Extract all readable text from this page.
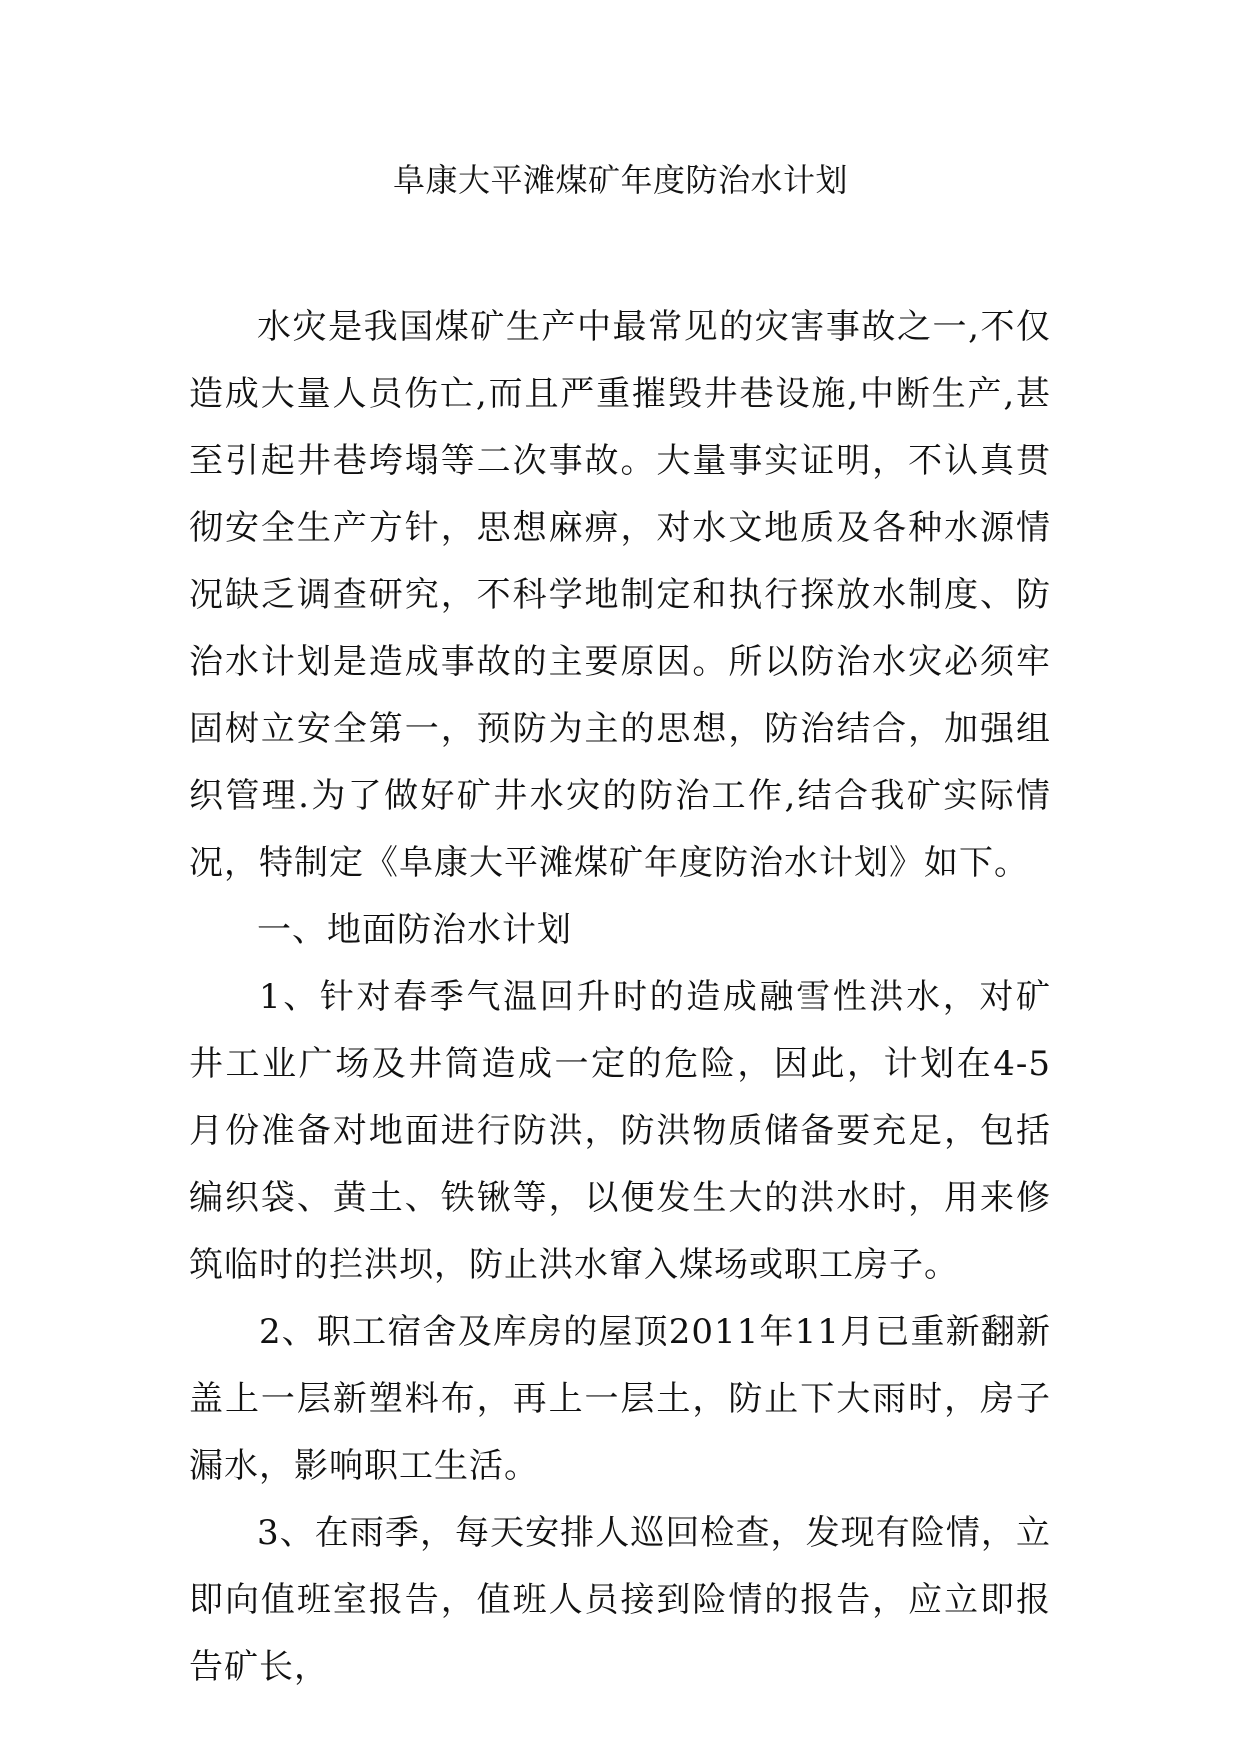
阜康大平滩煤矿年度防治水计划

水灾是我国煤矿生产中最常见的灾害事故之一,不仅造成大量人员伤亡,而且严重摧毁井巷设施,中断生产,甚至引起井巷垮塌等二次事故。大量事实证明，不认真贯彻安全生产方针，思想麻痹，对水文地质及各种水源情况缺乏调查研究，不科学地制定和执行探放水制度、防治水计划是造成事故的主要原因。所以防治水灾必须牢固树立安全第一，预防为主的思想，防治结合，加强组织管理.为了做好矿井水灾的防治工作,结合我矿实际情况，特制定《阜康大平滩煤矿年度防治水计划》如下。

一、地面防治水计划

1、针对春季气温回升时的造成融雪性洪水，对矿井工业广场及井筒造成一定的危险，因此，计划在4-5月份准备对地面进行防洪，防洪物质储备要充足，包括编织袋、黄土、铁锹等，以便发生大的洪水时，用来修筑临时的拦洪坝，防止洪水窜入煤场或职工房子。

2、职工宿舍及库房的屋顶2011年11月已重新翻新盖上一层新塑料布，再上一层土，防止下大雨时，房子漏水，影响职工生活。

3、在雨季，每天安排人巡回检查，发现有险情，立即向值班室报告，值班人员接到险情的报告，应立即报告矿长，
